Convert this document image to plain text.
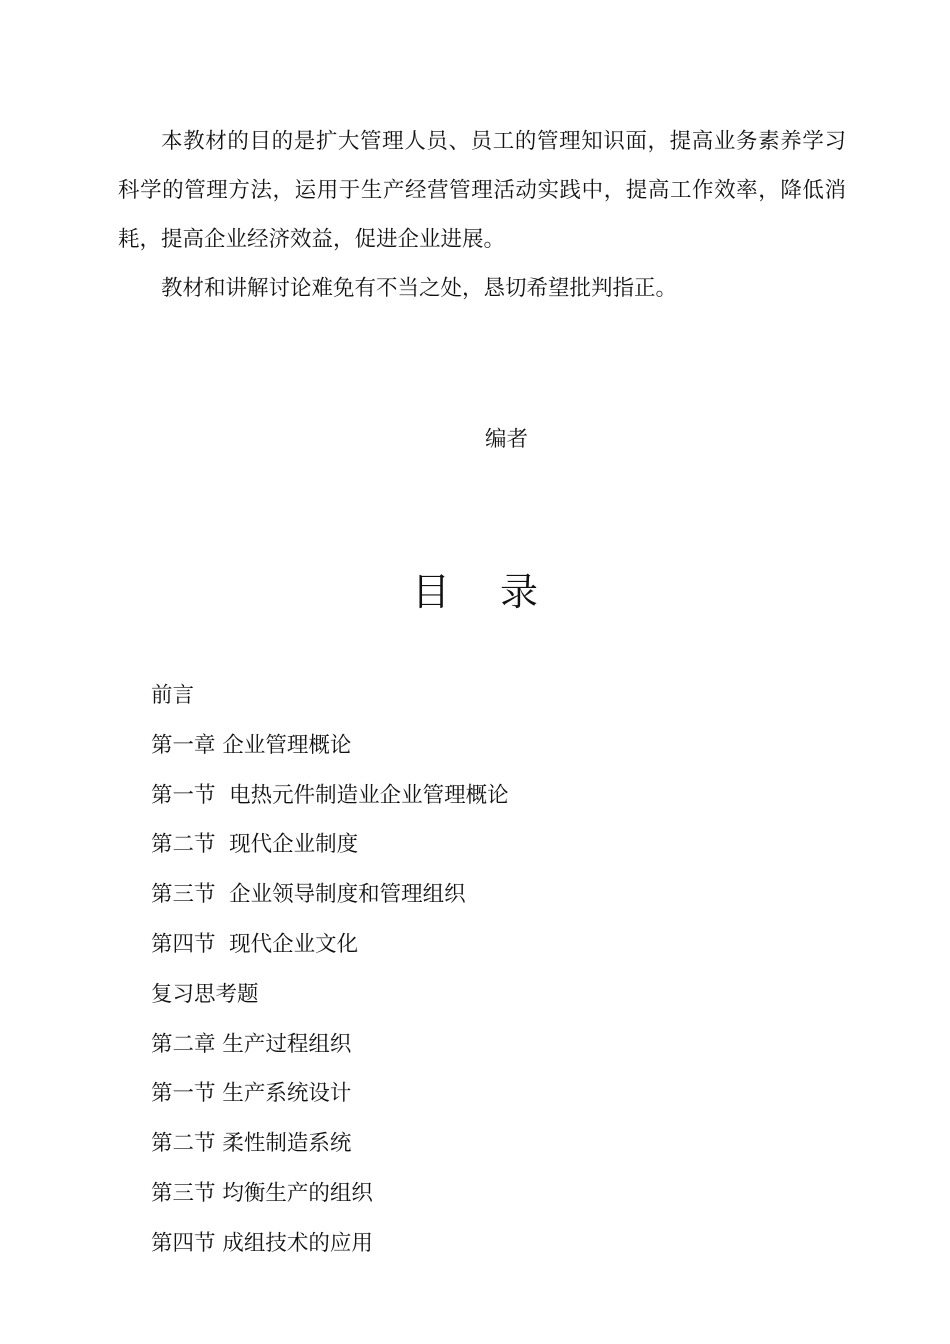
本教材的目的是扩大管理人员、员工的管理知识面，提高业务素养学习科学的管理方法，运用于生产经营管理活动实践中，提高工作效率，降低消耗，提高企业经济效益，促进企业进展。

教材和讲解讨论难免有不当之处，恳切希望批判指正。

编者
目 录
前言
第一章 企业管理概论
第一节  电热元件制造业企业管理概论
第二节  现代企业制度
第三节  企业领导制度和管理组织
第四节  现代企业文化
复习思考题
第二章 生产过程组织
第一节 生产系统设计
第二节 柔性制造系统
第三节 均衡生产的组织
第四节 成组技术的应用
